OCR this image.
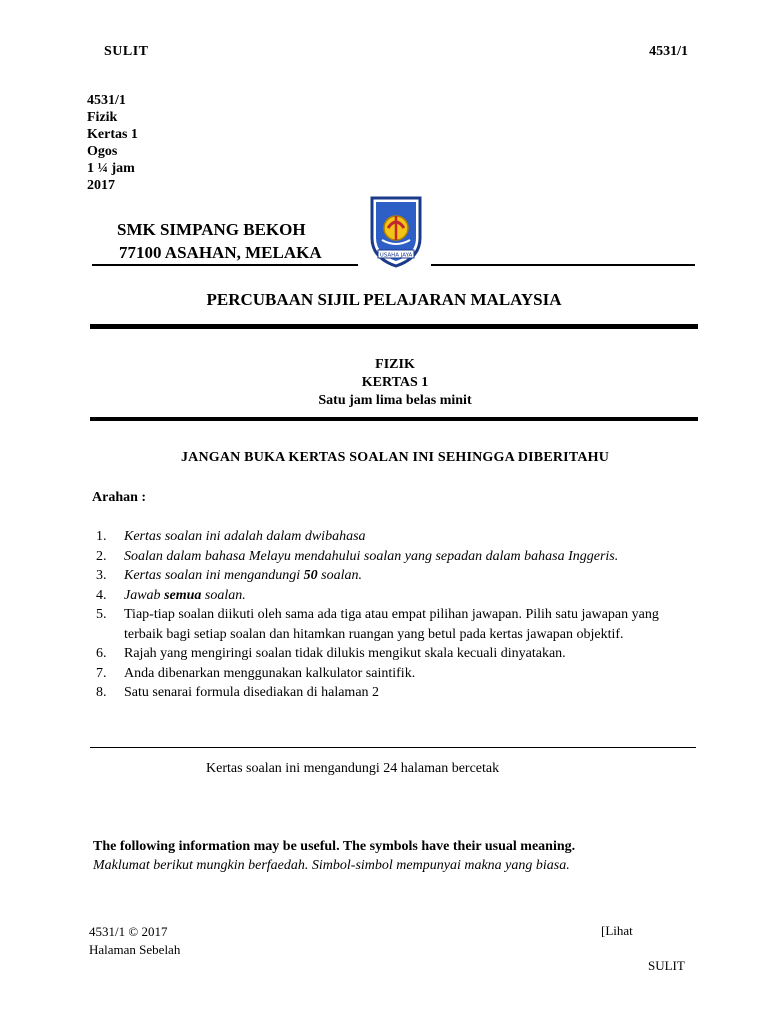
SULIT	4531/1
4531/1
Fizik
Kertas 1
Ogos
1 ¼ jam
2017
SMK SIMPANG BEKOH
77100 ASAHAN, MELAKA	USAHA JAYA
PERCUBAAN SIJIL PELAJARAN MALAYSIA
FIZIK
KERTAS 1
Satu jam lima belas minit
JANGAN BUKA KERTAS SOALAN INI SEHINGGA DIBERITAHU
Arahan :
1.	Kertas soalan ini adalah dalam dwibahasa
2.	Soalan dalam bahasa Melayu mendahului soalan yang sepadan dalam bahasa Inggeris.
3.	Kertas soalan ini mengandungi 50 soalan.
4.	Jawab semua soalan.
5.	Tiap-tiap soalan diikuti oleh sama ada tiga atau empat pilihan jawapan. Pilih satu jawapan yang terbaik bagi setiap soalan dan hitamkan ruangan yang betul pada kertas jawapan objektif.
6.	Rajah yang mengiringi soalan tidak dilukis mengikut skala kecuali dinyatakan.
7.	Anda dibenarkan menggunakan kalkulator saintifik.
8.	Satu senarai formula disediakan di halaman 2
Kertas soalan ini mengandungi 24 halaman bercetak
The following information may be useful. The symbols have their usual meaning.
Maklumat berikut mungkin berfaedah. Simbol-simbol mempunyai makna yang biasa.
4531/1 © 2017
Halaman Sebelah
[Lihat
SULIT
